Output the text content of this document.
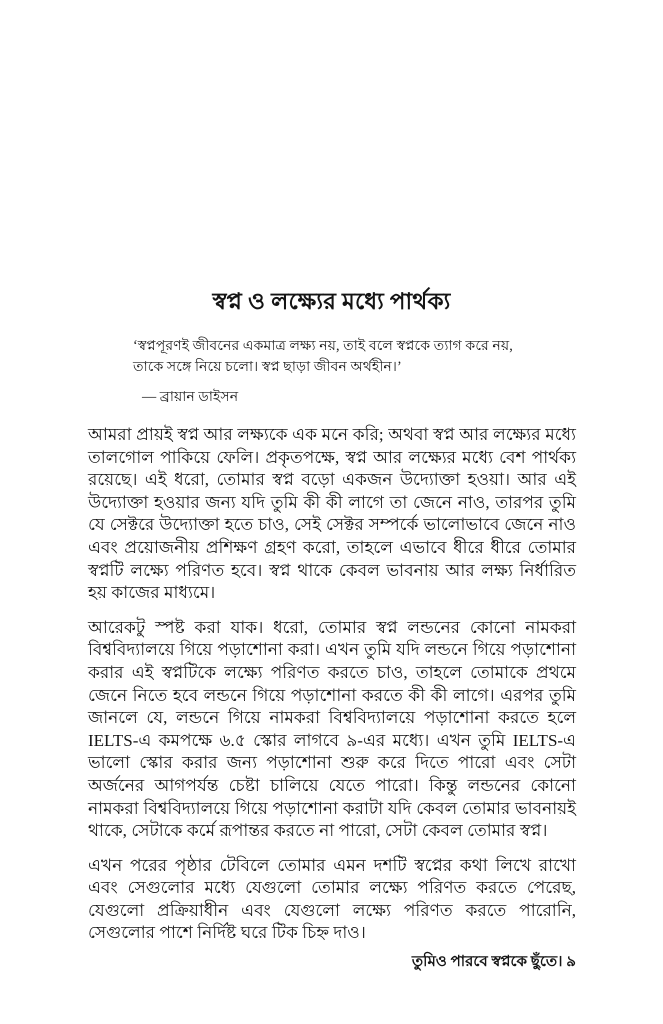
স্বপ্ন ও লক্ষ্যের মধ্যে পার্থক্য
‘স্বপ্নপূরণই জীবনের একমাত্র লক্ষ্য নয়, তাই বলে স্বপ্নকে ত্যাগ করে নয়, তাকে সঙ্গে নিয়ে চলো। স্বপ্ন ছাড়া জীবন অর্থহীন।’
— ব্রায়ান ডাইসন

আমরা প্রায়ই স্বপ্ন আর লক্ষ্যকে এক মনে করি; অথবা স্বপ্ন আর লক্ষ্যের মধ্যে তালগোল পাকিয়ে ফেলি। প্রকৃতপক্ষে, স্বপ্ন আর লক্ষ্যের মধ্যে বেশ পার্থক্য রয়েছে। এই ধরো, তোমার স্বপ্ন বড়ো একজন উদ্যোক্তা হওয়া। আর এই উদ্যোক্তা হওয়ার জন্য যদি তুমি কী কী লাগে তা জেনে নাও, তারপর তুমি যে সেক্টরে উদ্যোক্তা হতে চাও, সেই সেক্টর সম্পর্কে ভালোভাবে জেনে নাও এবং প্রয়োজনীয় প্রশিক্ষণ গ্রহণ করো, তাহলে এভাবে ধীরে ধীরে তোমার স্বপ্নটি লক্ষ্যে পরিণত হবে। স্বপ্ন থাকে কেবল ভাবনায় আর লক্ষ্য নির্ধারিত হয় কাজের মাধ্যমে।

আরেকটু স্পষ্ট করা যাক। ধরো, তোমার স্বপ্ন লন্ডনের কোনো নামকরা বিশ্ববিদ্যালয়ে গিয়ে পড়াশোনা করা। এখন তুমি যদি লন্ডনে গিয়ে পড়াশোনা করার এই স্বপ্নটিকে লক্ষ্যে পরিণত করতে চাও, তাহলে তোমাকে প্রথমে জেনে নিতে হবে লন্ডনে গিয়ে পড়াশোনা করতে কী কী লাগে। এরপর তুমি জানলে যে, লন্ডনে গিয়ে নামকরা বিশ্ববিদ্যালয়ে পড়াশোনা করতে হলে IELTS-এ কমপক্ষে ৬.৫ স্কোর লাগবে ৯-এর মধ্যে। এখন তুমি IELTS-এ ভালো স্কোর করার জন্য পড়াশোনা শুরু করে দিতে পারো এবং সেটা অর্জনের আগপর্যন্ত চেষ্টা চালিয়ে যেতে পারো। কিন্তু লন্ডনের কোনো নামকরা বিশ্ববিদ্যালয়ে গিয়ে পড়াশোনা করাটা যদি কেবল তোমার ভাবনায়ই থাকে, সেটাকে কর্মে রূপান্তর করতে না পারো, সেটা কেবল তোমার স্বপ্ন।

এখন পরের পৃষ্ঠার টেবিলে তোমার এমন দশটি স্বপ্নের কথা লিখে রাখো এবং সেগুলোর মধ্যে যেগুলো তোমার লক্ষ্যে পরিণত করতে পেরেছ, যেগুলো প্রক্রিয়াধীন এবং যেগুলো লক্ষ্যে পরিণত করতে পারোনি, সেগুলোর পাশে নির্দিষ্ট ঘরে টিক চিহ্ন দাও।

তুমিও পারবে স্বপ্নকে ছুঁতে। ৯
